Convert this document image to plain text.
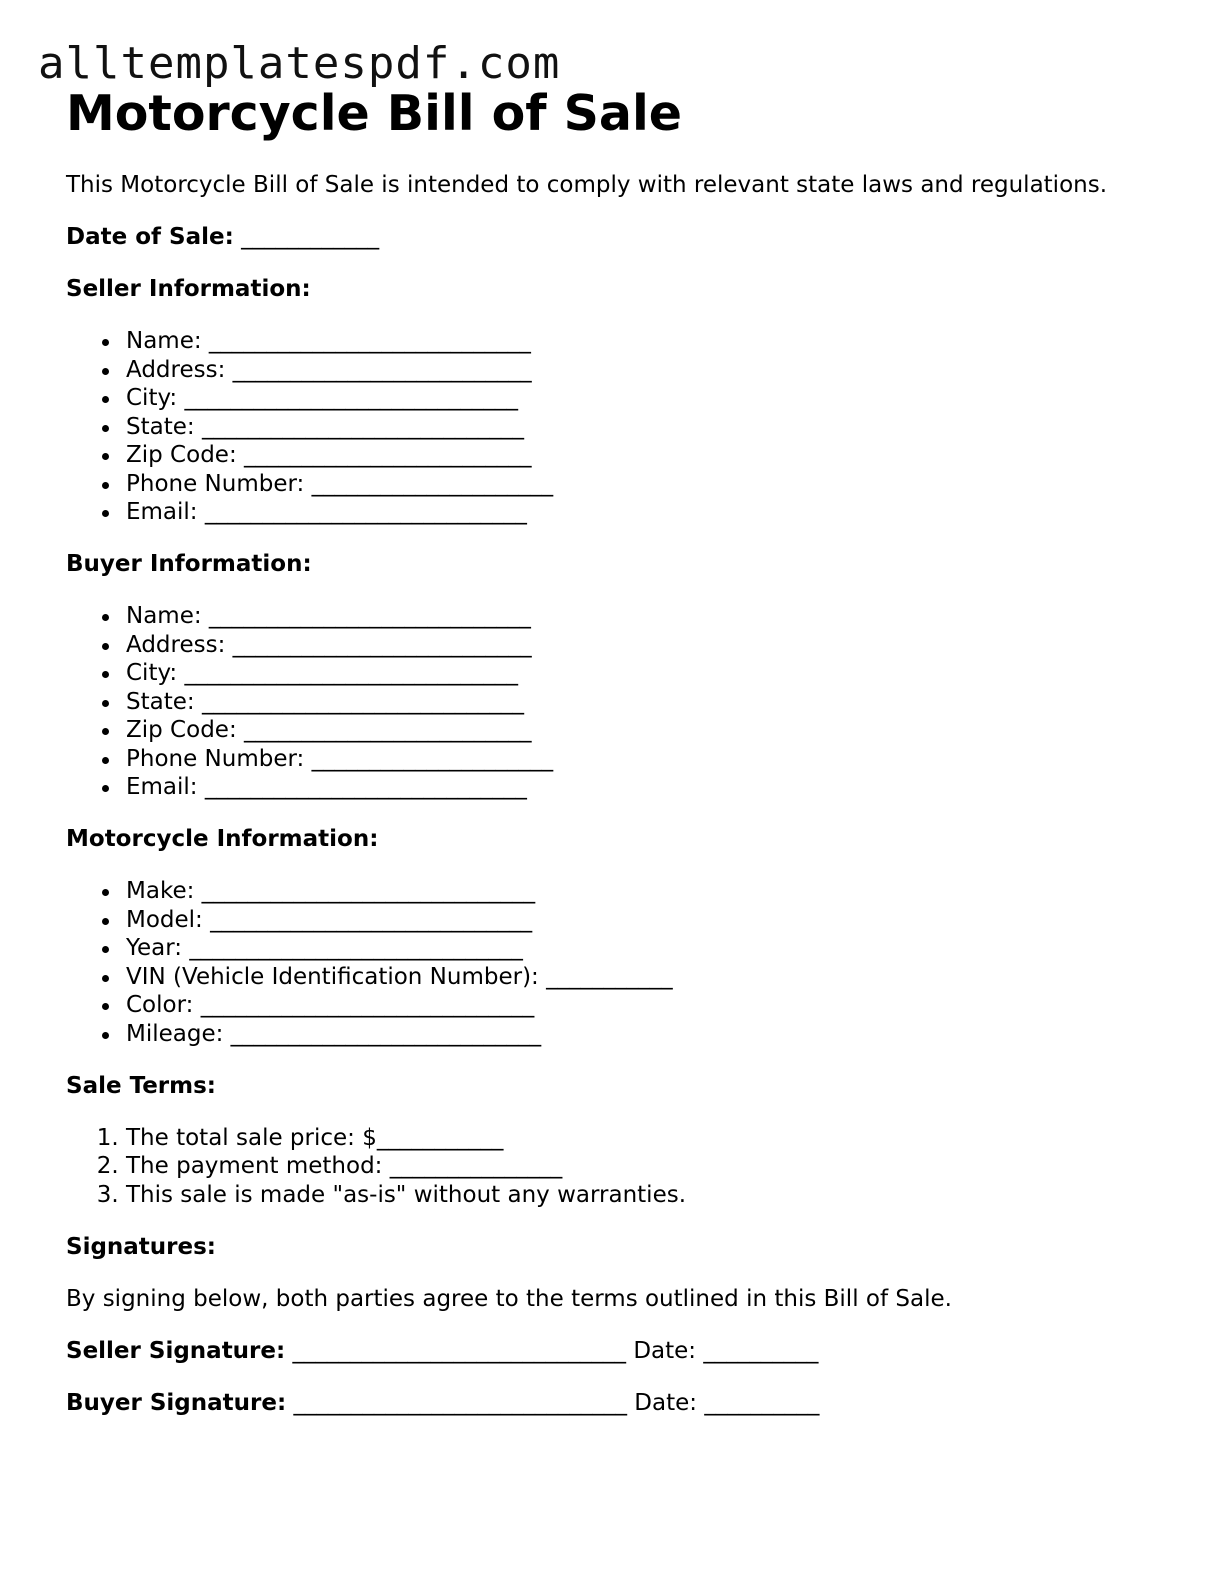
alltemplatespdf.com
Motorcycle Bill of Sale

This Motorcycle Bill of Sale is intended to comply with relevant state laws and regulations.

Date of Sale: ____________

Seller Information:

Name: ____________________________
Address: __________________________
City: _____________________________
State: ____________________________
Zip Code: _________________________
Phone Number: _____________________
Email: ____________________________

Buyer Information:

Name: ____________________________
Address: __________________________
City: _____________________________
State: ____________________________
Zip Code: _________________________
Phone Number: _____________________
Email: ____________________________

Motorcycle Information:

Make: _____________________________
Model: ____________________________
Year: _____________________________
VIN (Vehicle Identification Number): ___________
Color: _____________________________
Mileage: ___________________________

Sale Terms:

1. The total sale price: $___________
2. The payment method: _______________
3. This sale is made "as-is" without any warranties.

Signatures:

By signing below, both parties agree to the terms outlined in this Bill of Sale.

Seller Signature: _____________________________ Date: __________

Buyer Signature: _____________________________ Date: __________
